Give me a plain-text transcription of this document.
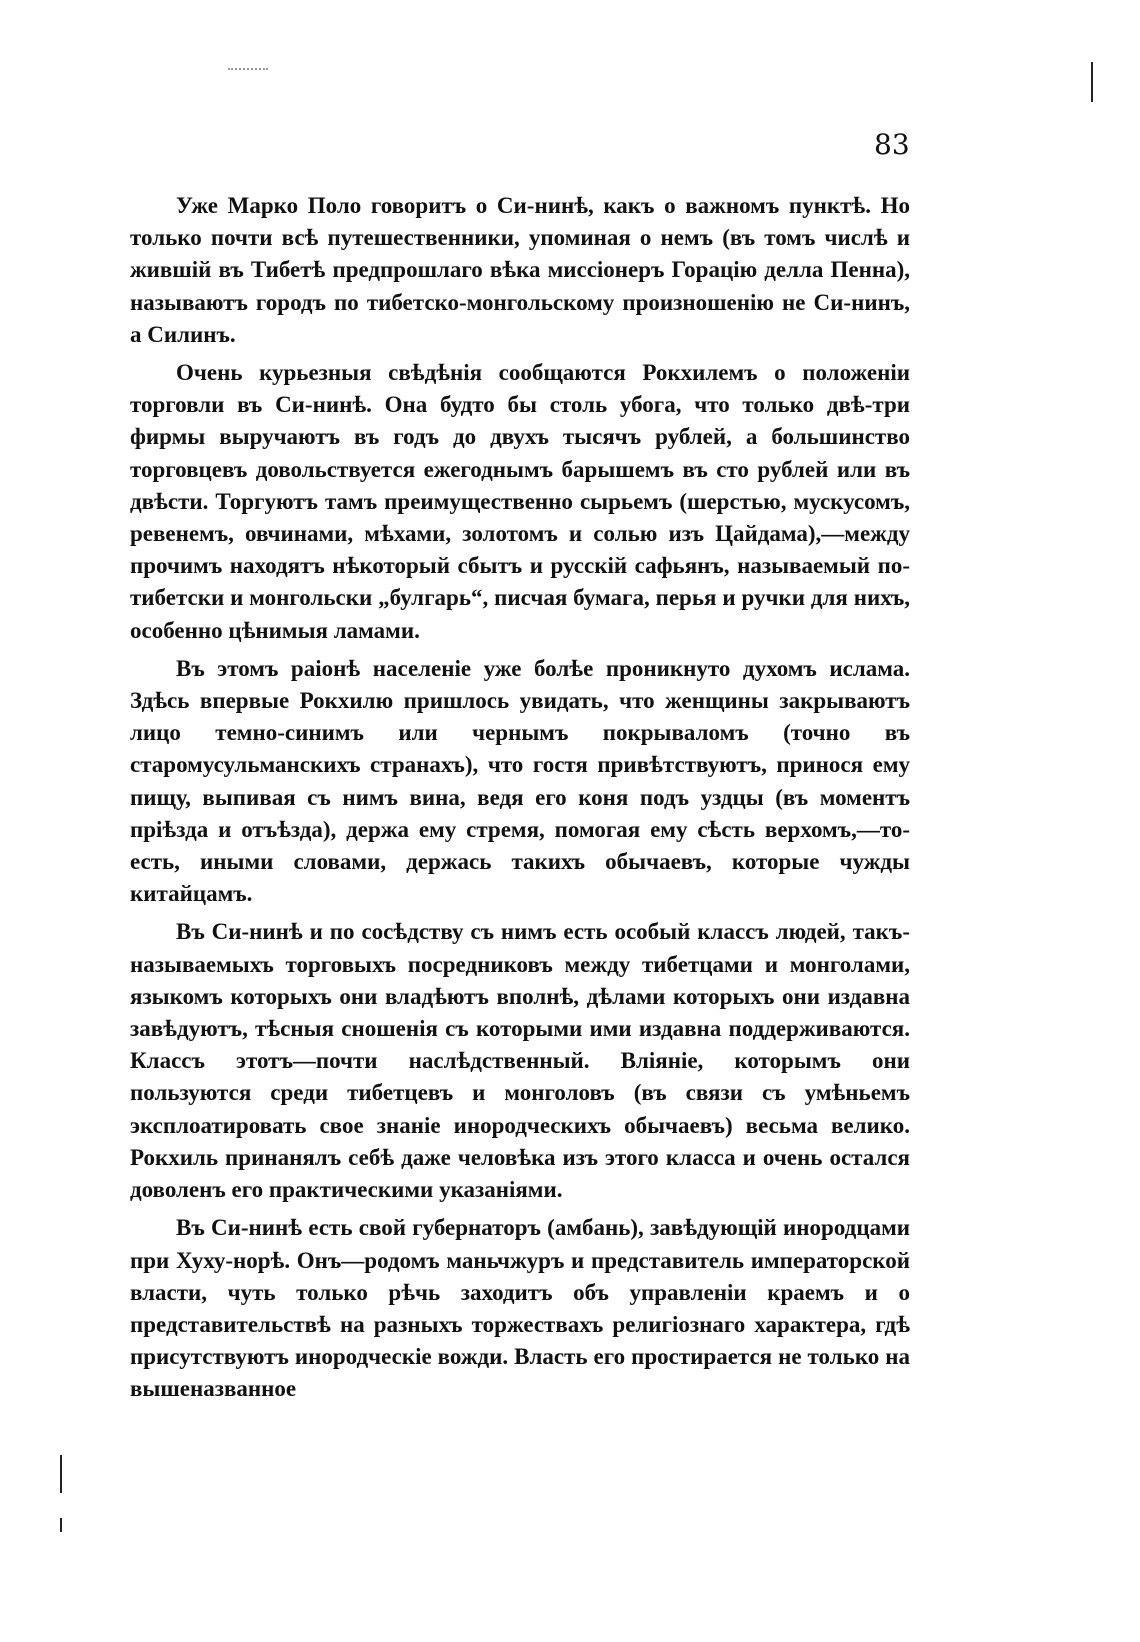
83

Уже Марко Поло говоритъ о Си-нинѣ, какъ о важномъ пунктѣ. Но только почти всѣ путешественники, упоминая о немъ (въ томъ числѣ и жившій въ Тибетѣ предпрошлаго вѣка миссіонеръ Горацію делла Пенна), называютъ городъ по тибетско-монгольскому произношенію не Си-нинъ, а Силинъ.

Очень курьезныя свѣдѣнія сообщаются Рокхилемъ о положеніи торговли въ Си-нинѣ. Она будто бы столь убога, что только двѣ-три фирмы выручаютъ въ годъ до двухъ тысячъ рублей, а большинство торговцевъ довольствуется ежегоднымъ барышемъ въ сто рублей или въ двѣсти. Торгуютъ тамъ преимущественно сырьемъ (шерстью, мускусомъ, ревенемъ, овчинами, мѣхами, золотомъ и солью изъ Цайдама),—между прочимъ находятъ нѣкоторый сбытъ и русскій сафьянъ, называемый по-тибетски и монгольски „булгарь“, писчая бумага, перья и ручки для нихъ, особенно цѣнимыя ламами.

Въ этомъ раіонѣ населеніе уже болѣе проникнуто духомъ ислама. Здѣсь впервые Рокхилю пришлось увидать, что женщины закрываютъ лицо темно-синимъ или чернымъ покрываломъ (точно въ старомусульманскихъ странахъ), что гостя привѣтствуютъ, принося ему пищу, выпивая съ нимъ вина, ведя его коня подъ уздцы (въ моментъ пріѣзда и отъѣзда), держа ему стремя, помогая ему сѣсть верхомъ,—то-есть, иными словами, держась такихъ обычаевъ, которые чужды китайцамъ.

Въ Си-нинѣ и по сосѣдству съ нимъ есть особый классъ людей, такъ-называемыхъ торговыхъ посредниковъ между тибетцами и монголами, языкомъ которыхъ они владѣютъ вполнѣ, дѣлами которыхъ они издавна завѣдуютъ, тѣсныя сношенія съ которыми ими издавна поддерживаются. Классъ этотъ—почти наслѣдственный. Вліяніе, которымъ они пользуются среди тибетцевъ и монголовъ (въ связи съ умѣньемъ эксплоатировать свое знаніе инородческихъ обычаевъ) весьма велико. Рокхиль принанялъ себѣ даже человѣка изъ этого класса и очень остался доволенъ его практическими указаніями.

Въ Си-нинѣ есть свой губернаторъ (амбань), завѣдующій инородцами при Хуху-норѣ. Онъ—родомъ маньчжуръ и представитель императорской власти, чуть только рѣчь заходитъ объ управленіи краемъ и о представительствѣ на разныхъ торжествахъ религіознаго характера, гдѣ присутствуютъ инородческіе вожди. Власть его простирается не только на вышеназванное
